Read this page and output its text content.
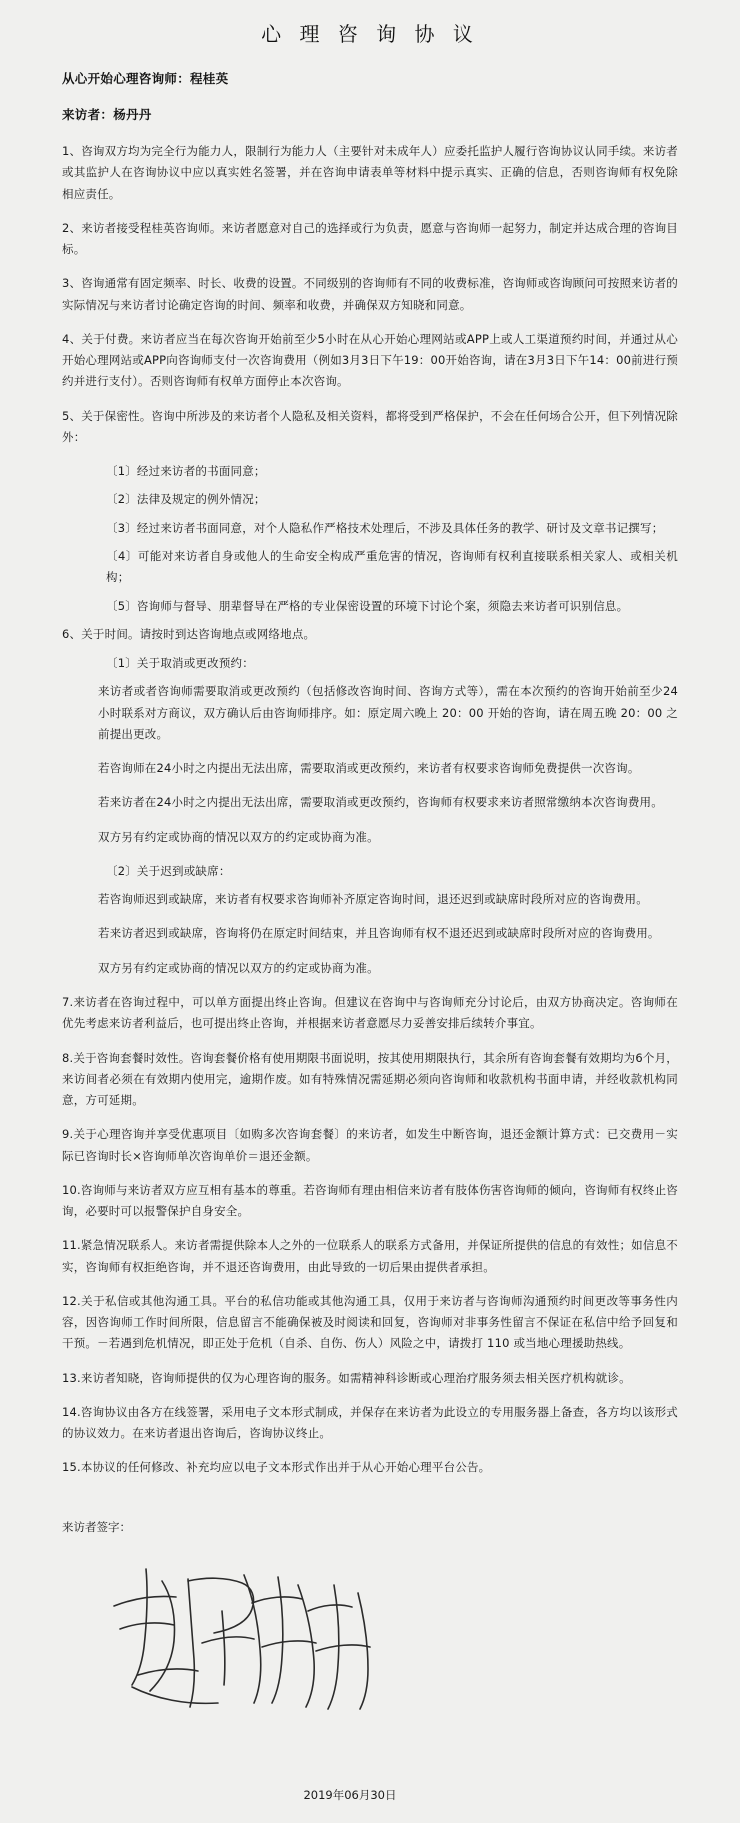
心 理 咨 询 协 议
从心开始心理咨询师：程桂英
来访者：杨丹丹

1、咨询双方均为完全行为能力人，限制行为能力人（主要针对未成年人）应委托监护人履行咨询协议认同手续。来访者或其监护人在咨询协议中应以真实姓名签署，并在咨询申请表单等材料中提示真实、正确的信息，否则咨询师有权免除相应责任。

2、来访者接受程桂英咨询师。来访者愿意对自己的选择或行为负责，愿意与咨询师一起努力，制定并达成合理的咨询目标。

3、咨询通常有固定频率、时长、收费的设置。不同级别的咨询师有不同的收费标准，咨询师或咨询顾问可按照来访者的实际情况与来访者讨论确定咨询的时间、频率和收费，并确保双方知晓和同意。

4、关于付费。来访者应当在每次咨询开始前至少5小时在从心开始心理网站或APP上或人工渠道预约时间，并通过从心开始心理网站或APP向咨询师支付一次咨询费用（例如3月3日下午19：00开始咨询，请在3月3日下午14：00前进行预约并进行支付）。否则咨询师有权单方面停止本次咨询。

5、关于保密性。咨询中所涉及的来访者个人隐私及相关资料，都将受到严格保护，不会在任何场合公开，但下列情况除外：

〔1〕经过来访者的书面同意；

〔2〕法律及规定的例外情况；

〔3〕经过来访者书面同意，对个人隐私作严格技术处理后，不涉及具体任务的教学、研讨及文章书记撰写；

〔4〕可能对来访者自身或他人的生命安全构成严重危害的情况，咨询师有权利直接联系相关家人、或相关机构；

〔5〕咨询师与督导、朋辈督导在严格的专业保密设置的环境下讨论个案，须隐去来访者可识别信息。

6、关于时间。请按时到达咨询地点或网络地点。

〔1〕关于取消或更改预约：

来访者或者咨询师需要取消或更改预约（包括修改咨询时间、咨询方式等），需在本次预约的咨询开始前至少24小时联系对方商议，双方确认后由咨询师排序。如：原定周六晚上 20：00 开始的咨询，请在周五晚 20：00 之前提出更改。

若咨询师在24小时之内提出无法出席，需要取消或更改预约，来访者有权要求咨询师免费提供一次咨询。

若来访者在24小时之内提出无法出席，需要取消或更改预约，咨询师有权要求来访者照常缴纳本次咨询费用。

双方另有约定或协商的情况以双方的约定或协商为准。

〔2〕关于迟到或缺席：

若咨询师迟到或缺席，来访者有权要求咨询师补齐原定咨询时间，退还迟到或缺席时段所对应的咨询费用。

若来访者迟到或缺席，咨询将仍在原定时间结束，并且咨询师有权不退还迟到或缺席时段所对应的咨询费用。

双方另有约定或协商的情况以双方的约定或协商为准。

7.来访者在咨询过程中，可以单方面提出终止咨询。但建议在咨询中与咨询师充分讨论后，由双方协商决定。咨询师在优先考虑来访者利益后，也可提出终止咨询，并根据来访者意愿尽力妥善安排后续转介事宜。

8.关于咨询套餐时效性。咨询套餐价格有使用期限书面说明，按其使用期限执行，其余所有咨询套餐有效期均为6个月，来访间者必须在有效期内使用完，逾期作废。如有特殊情况需延期必须向咨询师和收款机构书面申请，并经收款机构同意，方可延期。

9.关于心理咨询并享受优惠项目〔如购多次咨询套餐〕的来访者，如发生中断咨询，退还金额计算方式：已交费用－实际已咨询时长×咨询师单次咨询单价＝退还金额。

10.咨询师与来访者双方应互相有基本的尊重。若咨询师有理由相信来访者有肢体伤害咨询师的倾向，咨询师有权终止咨询，必要时可以报警保护自身安全。

11.紧急情况联系人。来访者需提供除本人之外的一位联系人的联系方式备用，并保证所提供的信息的有效性；如信息不实，咨询师有权拒绝咨询，并不退还咨询费用，由此导致的一切后果由提供者承担。

12.关于私信或其他沟通工具。平台的私信功能或其他沟通工具，仅用于来访者与咨询师沟通预约时间更改等事务性内容，因咨询师工作时间所限，信息留言不能确保被及时阅读和回复，咨询师对非事务性留言不保证在私信中给予回复和干预。－若遇到危机情况，即正处于危机（自杀、自伤、伤人）风险之中，请拨打 110 或当地心理援助热线。

13.来访者知晓，咨询师提供的仅为心理咨询的服务。如需精神科诊断或心理治疗服务须去相关医疗机构就诊。

14.咨询协议由各方在线签署，采用电子文本形式制成，并保存在来访者为此设立的专用服务器上备查，各方均以该形式的协议效力。在来访者退出咨询后，咨询协议终止。

15.本协议的任何修改、补充均应以电子文本形式作出并于从心开始心理平台公告。

来访者签字：
2019年06月30日
